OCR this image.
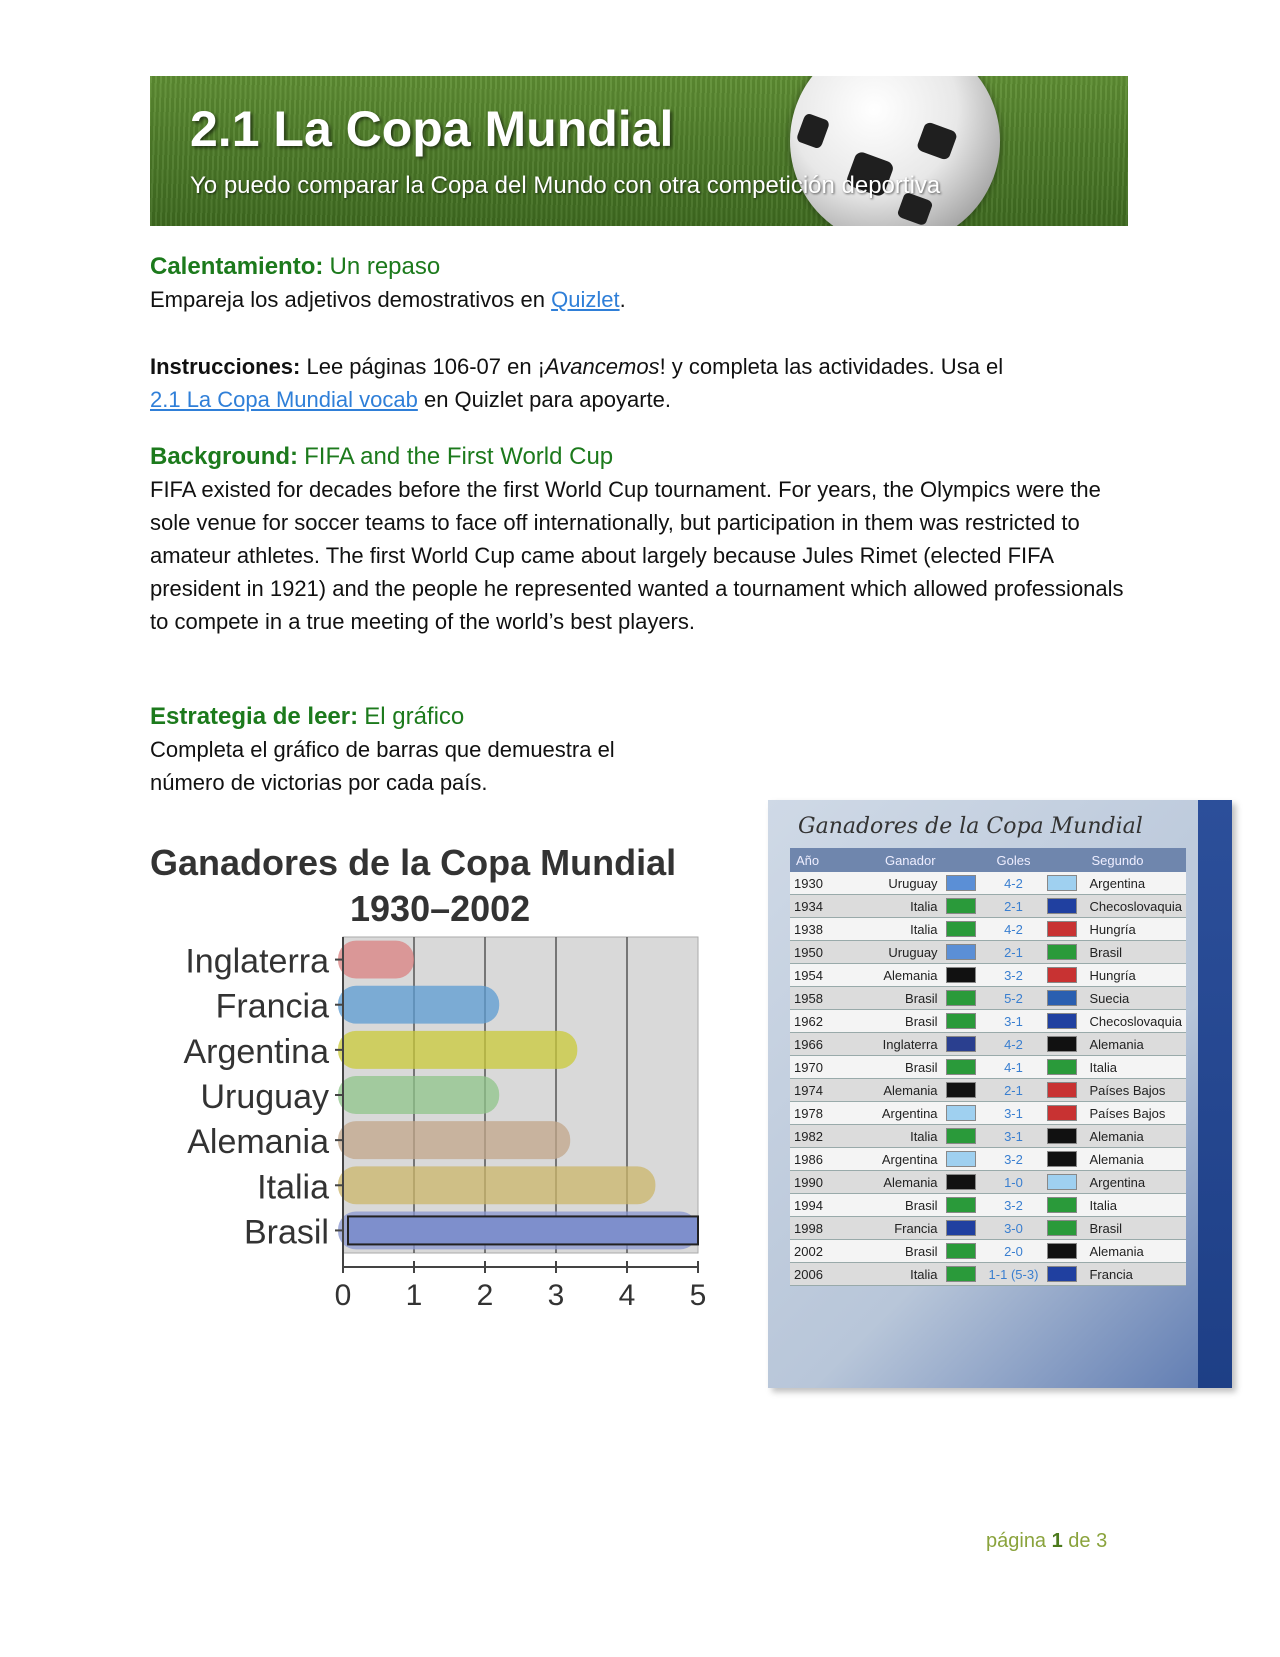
2.1 La Copa Mundial
Yo puedo comparar la Copa del Mundo con otra competición deportiva
Calentamiento: Un repaso
Empareja los adjetivos demostrativos en Quizlet.
Instrucciones: Lee páginas 106-07 en ¡Avancemos! y completa las actividades. Usa el
2.1 La Copa Mundial vocab en Quizlet para apoyarte.
Background: FIFA and the First World Cup
FIFA existed for decades before the first World Cup tournament. For years, the Olympics were the sole venue for soccer teams to face off internationally, but participation in them was restricted to amateur athletes. The first World Cup came about largely because Jules Rimet (elected FIFA president in 1921) and the people he represented wanted a tournament which allowed professionals to compete in a true meeting of the world’s best players.
Estrategia de leer: El gráfico
Completa el gráfico de barras que demuestra el
número de victorias por cada país.
Ganadores de la Copa Mundial
1930–2002
Inglaterra
Francia
Argentina
Uruguay
Alemania
Italia
Brasil
0 1 2 3 4 5
Ganadores de la Copa Mundial
Año	Ganador		Goles		Segundo
1930	Uruguay		4-2		Argentina
1934	Italia		2-1		Checoslovaquia
1938	Italia		4-2		Hungría
1950	Uruguay		2-1		Brasil
1954	Alemania		3-2		Hungría
1958	Brasil		5-2		Suecia
1962	Brasil		3-1		Checoslovaquia
1966	Inglaterra		4-2		Alemania
1970	Brasil		4-1		Italia
1974	Alemania		2-1		Países Bajos
1978	Argentina		3-1		Países Bajos
1982	Italia		3-1		Alemania
1986	Argentina		3-2		Alemania
1990	Alemania		1-0		Argentina
1994	Brasil		3-2		Italia
1998	Francia		3-0		Brasil
2002	Brasil		2-0		Alemania
2006	Italia		1-1 (5-3)		Francia
página 1 de 3
